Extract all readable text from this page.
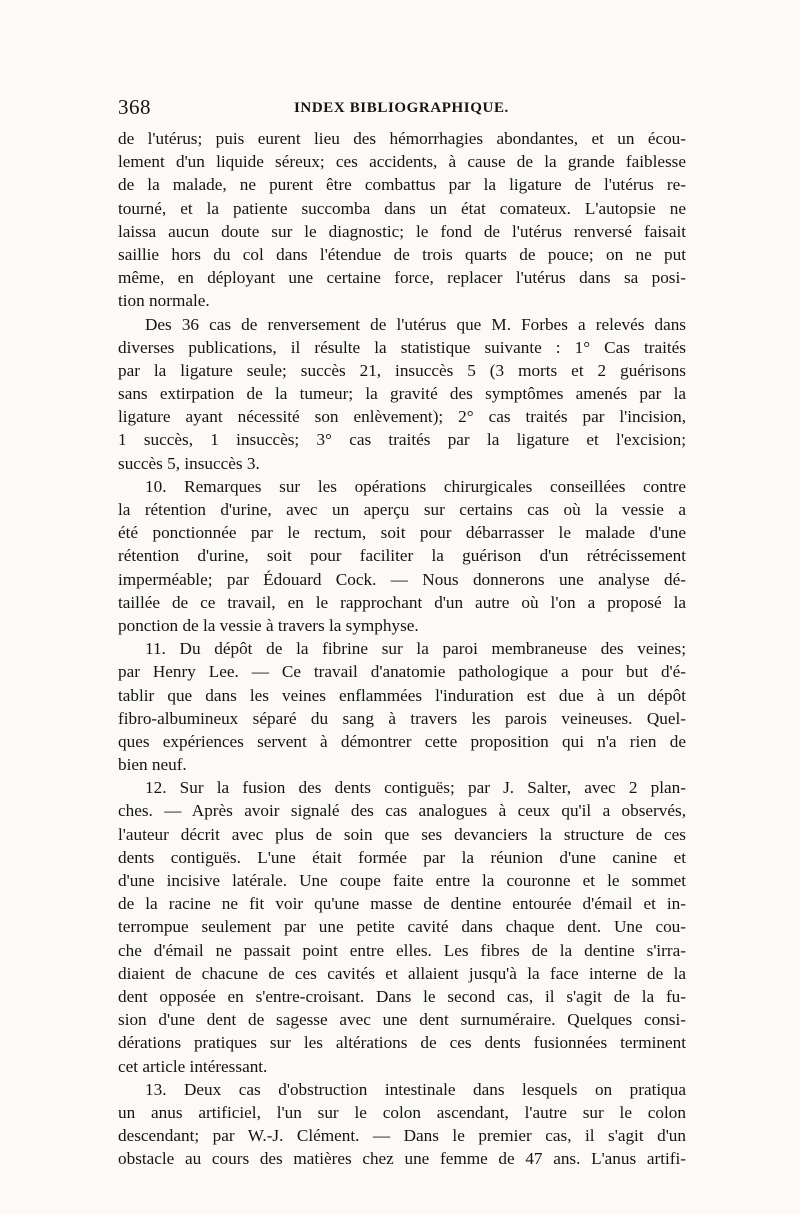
368	INDEX BIBLIOGRAPHIQUE.
de l'utérus; puis eurent lieu des hémorrhagies abondantes, et un écou-
lement d'un liquide séreux; ces accidents, à cause de la grande faiblesse
de la malade, ne purent être combattus par la ligature de l'utérus re-
tourné, et la patiente succomba dans un état comateux. L'autopsie ne
laissa aucun doute sur le diagnostic; le fond de l'utérus renversé faisait
saillie hors du col dans l'étendue de trois quarts de pouce; on ne put
même, en déployant une certaine force, replacer l'utérus dans sa posi-
tion normale.
Des 36 cas de renversement de l'utérus que M. Forbes a relevés dans
diverses publications, il résulte la statistique suivante : 1° Cas traités
par la ligature seule; succès 21, insuccès 5 (3 morts et 2 guérisons
sans extirpation de la tumeur; la gravité des symptômes amenés par la
ligature ayant nécessité son enlèvement); 2° cas traités par l'incision,
1 succès, 1 insuccès; 3° cas traités par la ligature et l'excision;
succès 5, insuccès 3.
10. Remarques sur les opérations chirurgicales conseillées contre
la rétention d'urine, avec un aperçu sur certains cas où la vessie a
été ponctionnée par le rectum, soit pour débarrasser le malade d'une
rétention d'urine, soit pour faciliter la guérison d'un rétrécissement
imperméable; par Édouard Cock. — Nous donnerons une analyse dé-
taillée de ce travail, en le rapprochant d'un autre où l'on a proposé la
ponction de la vessie à travers la symphyse.
11. Du dépôt de la fibrine sur la paroi membraneuse des veines;
par Henry Lee. — Ce travail d'anatomie pathologique a pour but d'é-
tablir que dans les veines enflammées l'induration est due à un dépôt
fibro-albumineux séparé du sang à travers les parois veineuses. Quel-
ques expériences servent à démontrer cette proposition qui n'a rien de
bien neuf.
12. Sur la fusion des dents contiguës; par J. Salter, avec 2 plan-
ches. — Après avoir signalé des cas analogues à ceux qu'il a observés,
l'auteur décrit avec plus de soin que ses devanciers la structure de ces
dents contiguës. L'une était formée par la réunion d'une canine et
d'une incisive latérale. Une coupe faite entre la couronne et le sommet
de la racine ne fit voir qu'une masse de dentine entourée d'émail et in-
terrompue seulement par une petite cavité dans chaque dent. Une cou-
che d'émail ne passait point entre elles. Les fibres de la dentine s'irra-
diaient de chacune de ces cavités et allaient jusqu'à la face interne de la
dent opposée en s'entre-croisant. Dans le second cas, il s'agit de la fu-
sion d'une dent de sagesse avec une dent surnuméraire. Quelques consi-
dérations pratiques sur les altérations de ces dents fusionnées terminent
cet article intéressant.
13. Deux cas d'obstruction intestinale dans lesquels on pratiqua
un anus artificiel, l'un sur le colon ascendant, l'autre sur le colon
descendant; par W.-J. Clément. — Dans le premier cas, il s'agit d'un
obstacle au cours des matières chez une femme de 47 ans. L'anus artifi-
